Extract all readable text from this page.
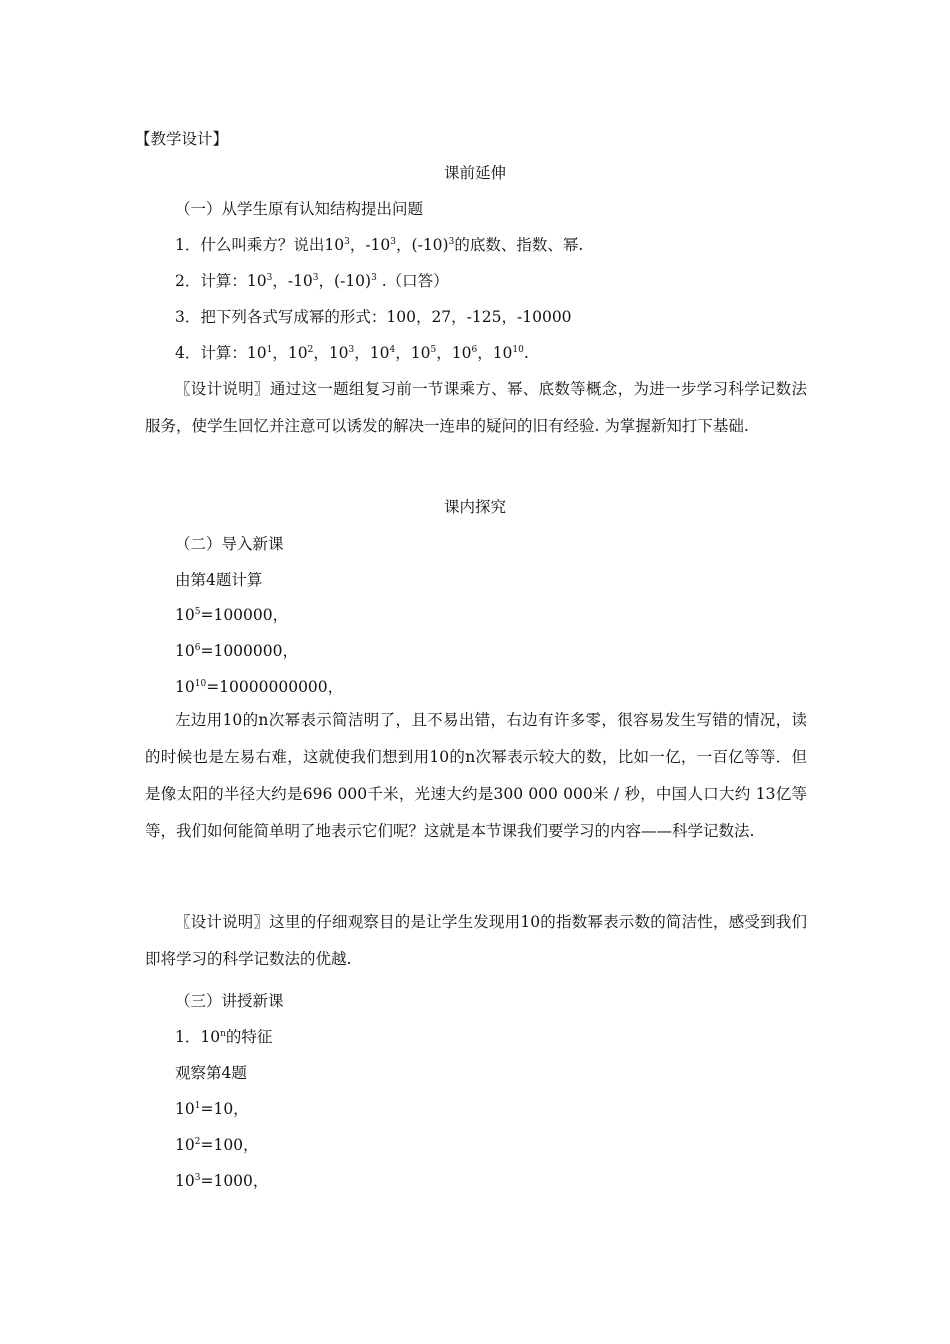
【教学设计】
课前延伸
（一）从学生原有认知结构提出问题
1．什么叫乘方？说出$10^3$，$-10^3$，$(-10)^3$的底数、指数、幂.
2．计算：$10^3$，$-10^3$，$(-10)^3$ .（口答）
3．把下列各式写成幂的形式：100，27，-125，-10000
4．计算：$10^1$，$10^2$，$10^3$，$10^4$，$10^5$，$10^6$，$10^{10}$.
〖设计说明〗通过这一题组复习前一节课乘方、幂、底数等概念，为进一步学习科学记数法服务，使学生回忆并注意可以诱发的解决一连串的疑问的旧有经验. 为掌握新知打下基础.
课内探究
（二）导入新课
由第4题计算
$10^5=100000$，
$10^6=1000000$，
$10^{10}=10000000000$，
左边用10的n次幂表示简洁明了，且不易出错，右边有许多零，很容易发生写错的情况，读的时候也是左易右难，这就使我们想到用10的n次幂表示较大的数，比如一亿，一百亿等等．但是像太阳的半径大约是696 000千米，光速大约是300 000 000米 / 秒，中国人口大约 13亿等等，我们如何能简单明了地表示它们呢？这就是本节课我们要学习的内容——科学记数法.
〖设计说明〗这里的仔细观察目的是让学生发现用10的指数幂表示数的简洁性，感受到我们即将学习的科学记数法的优越.
（三）讲授新课
1．10$^n$的特征
观察第4题
$10^1=10$，
$10^2=100$，
$10^3=1000$，
